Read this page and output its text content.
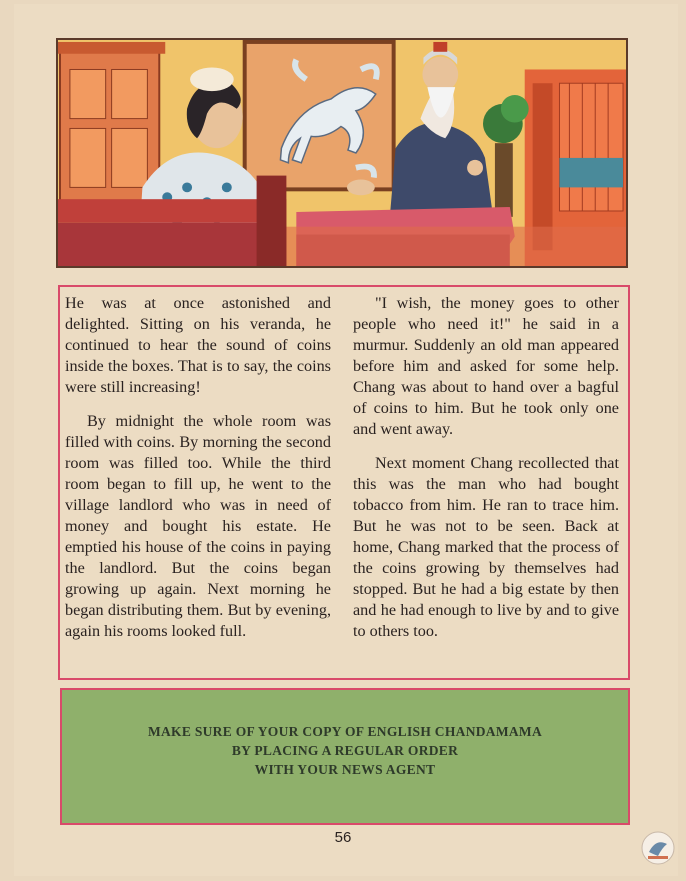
He was at once astonished and delighted. Sitting on his veranda, he continued to hear the sound of coins inside the boxes. That is to say, the coins were still increasing!

By midnight the whole room was filled with coins. By morning the second room was filled too. While the third room began to fill up, he went to the village landlord who was in need of money and bought his estate. He emptied his house of the coins in paying the landlord. But the coins began growing up again. Next morning he began distributing them. But by evening, again his rooms looked full.

"I wish, the money goes to other people who need it!" he said in a murmur. Suddenly an old man appeared before him and asked for some help. Chang was about to hand over a bagful of coins to him. But he took only one and went away.

Next moment Chang recollected that this was the man who had bought tobacco from him. He ran to trace him. But he was not to be seen. Back at home, Chang marked that the process of the coins growing by themselves had stopped. But he had a big estate by then and he had enough to live by and to give to others too.

MAKE SURE OF YOUR COPY OF ENGLISH CHANDAMAMA
BY PLACING A REGULAR ORDER
WITH YOUR NEWS AGENT
56
